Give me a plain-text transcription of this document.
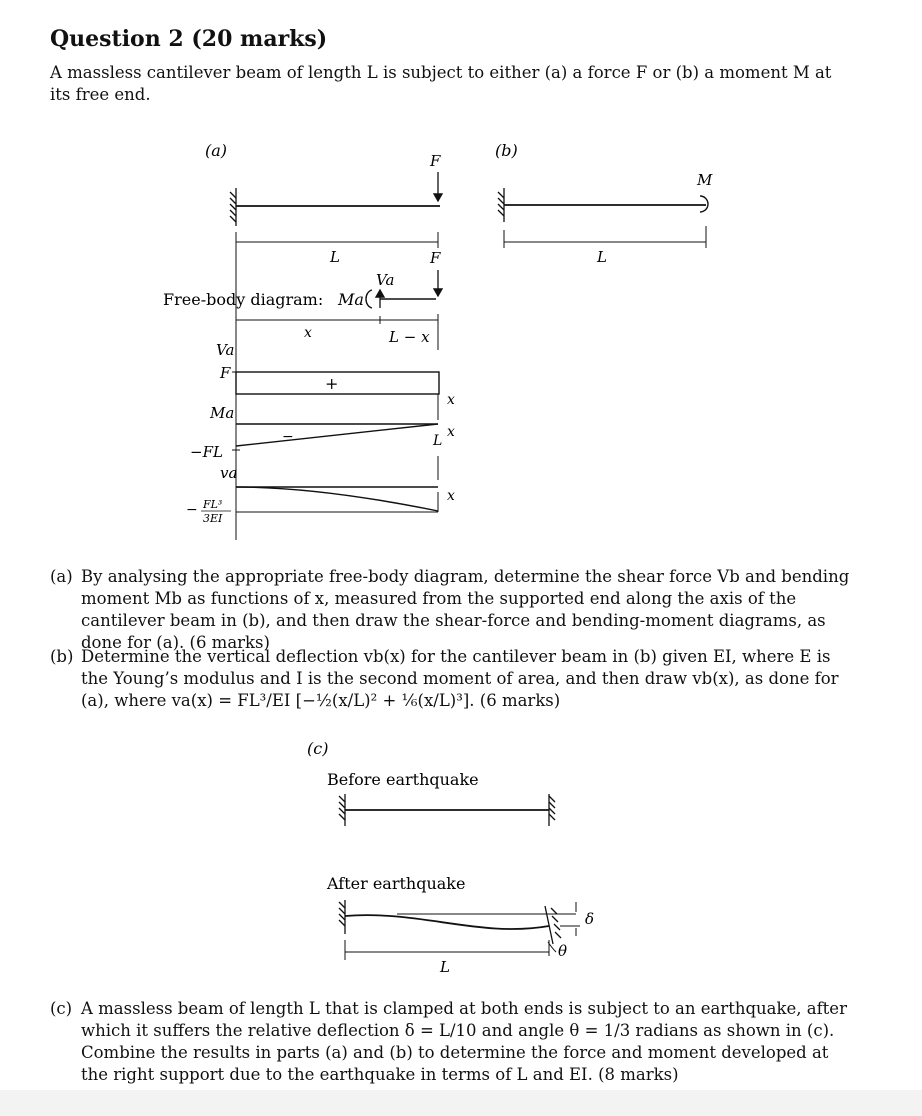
Question 2 (20 marks)
A massless cantilever beam of length L is subject to either (a) a force F or (b) a moment M at its free end.
(a)
F
L
Free-body diagram: Ma
Va
F
x	L − x
Va
F
+
x
Ma
−FL
−	L
x
va
x
− FL³
3EI
(b)
M
L
(a) By analysing the appropriate free-body diagram, determine the shear force Vb and bending moment Mb as functions of x, measured from the supported end along the axis of the cantilever beam in (b), and then draw the shear-force and bending-moment diagrams, as done for (a). (6 marks)
(b) Determine the vertical deflection vb(x) for the cantilever beam in (b) given EI, where E is the Young’s modulus and I is the second moment of area, and then draw vb(x), as done for (a), where va(x) = FL³/EI [−½(x/L)² + ⅙(x/L)³]. (6 marks)
(c)
Before earthquake
After earthquake
δ
θ
L
(c) A massless beam of length L that is clamped at both ends is subject to an earthquake, after which it suffers the relative deflection δ = L/10 and angle θ = 1/3 radians as shown in (c). Combine the results in parts (a) and (b) to determine the force and moment developed at the right support due to the earthquake in terms of L and EI. (8 marks)
